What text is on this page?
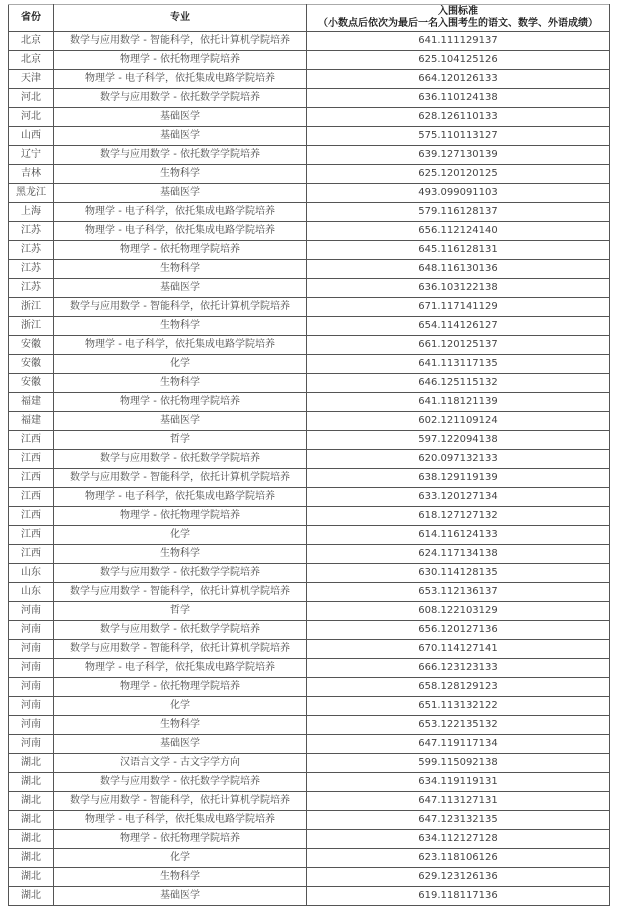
省份	专业	入围标准
（小数点后依次为最后一名入围考生的语文、数学、外语成绩）

北京	数学与应用数学 - 智能科学，依托计算机学院培养	641.111129137
北京	物理学 - 依托物理学院培养	625.104125126
天津	物理学 - 电子科学，依托集成电路学院培养	664.120126133
河北	数学与应用数学 - 依托数学学院培养	636.110124138
河北	基础医学	628.126110133
山西	基础医学	575.110113127
辽宁	数学与应用数学 - 依托数学学院培养	639.127130139
吉林	生物科学	625.120120125
黑龙江	基础医学	493.099091103
上海	物理学 - 电子科学，依托集成电路学院培养	579.116128137
江苏	物理学 - 电子科学，依托集成电路学院培养	656.112124140
江苏	物理学 - 依托物理学院培养	645.116128131
江苏	生物科学	648.116130136
江苏	基础医学	636.103122138
浙江	数学与应用数学 - 智能科学，依托计算机学院培养	671.117141129
浙江	生物科学	654.114126127
安徽	物理学 - 电子科学，依托集成电路学院培养	661.120125137
安徽	化学	641.113117135
安徽	生物科学	646.125115132
福建	物理学 - 依托物理学院培养	641.118121139
福建	基础医学	602.121109124
江西	哲学	597.122094138
江西	数学与应用数学 - 依托数学学院培养	620.097132133
江西	数学与应用数学 - 智能科学，依托计算机学院培养	638.129119139
江西	物理学 - 电子科学，依托集成电路学院培养	633.120127134
江西	物理学 - 依托物理学院培养	618.127127132
江西	化学	614.116124133
江西	生物科学	624.117134138
山东	数学与应用数学 - 依托数学学院培养	630.114128135
山东	数学与应用数学 - 智能科学，依托计算机学院培养	653.112136137
河南	哲学	608.122103129
河南	数学与应用数学 - 依托数学学院培养	656.120127136
河南	数学与应用数学 - 智能科学，依托计算机学院培养	670.114127141
河南	物理学 - 电子科学，依托集成电路学院培养	666.123123133
河南	物理学 - 依托物理学院培养	658.128129123
河南	化学	651.113132122
河南	生物科学	653.122135132
河南	基础医学	647.119117134
湖北	汉语言文学 - 古文字学方向	599.115092138
湖北	数学与应用数学 - 依托数学学院培养	634.119119131
湖北	数学与应用数学 - 智能科学，依托计算机学院培养	647.113127131
湖北	物理学 - 电子科学，依托集成电路学院培养	647.123132135
湖北	物理学 - 依托物理学院培养	634.112127128
湖北	化学	623.118106126
湖北	生物科学	629.123126136
湖北	基础医学	619.118117136
